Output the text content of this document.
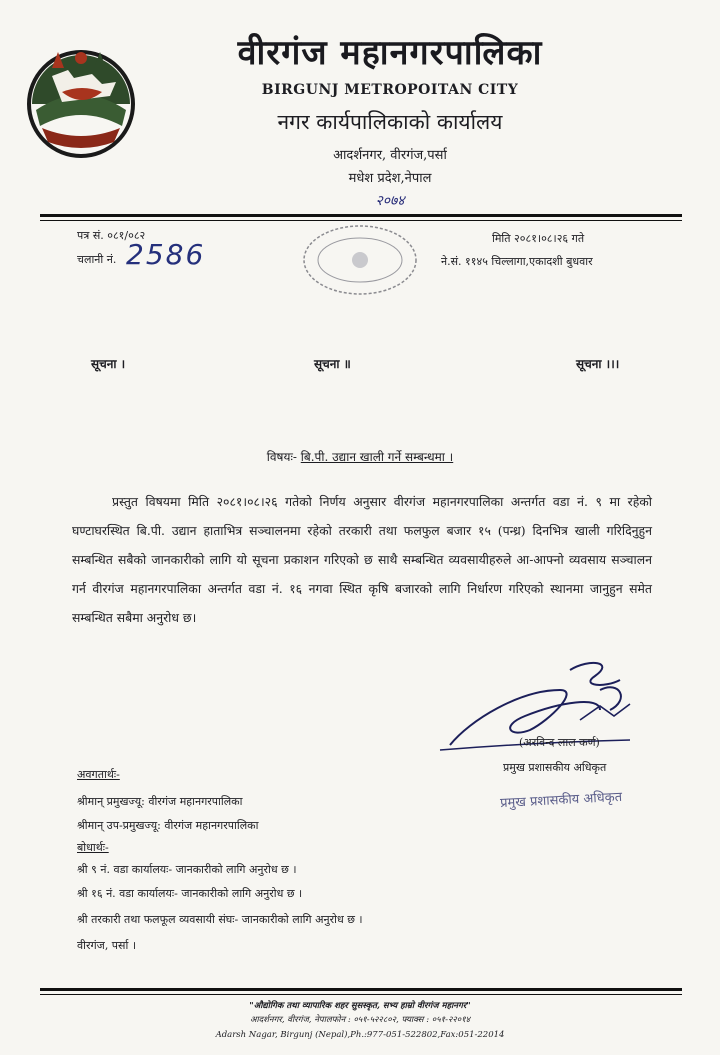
वीरगंज महानगरपालिका
BIRGUNJ METROPOITAN CITY
नगर कार्यपालिकाको कार्यालय
आदर्शनगर, वीरगंज,पर्सा
मधेश प्रदेश,नेपाल
२०७४
पत्र सं. ०८१/०८२
चलानी नं. 2586	मिति २०८१।०८।२६ गते
ने.सं. ११४५ चिल्लागा,एकादशी बुधवार
सूचना ।	सूचना ॥	सूचना ।।।
विषयः- बि.पी. उद्यान खाली गर्ने सम्बन्धमा ।
प्रस्तुत विषयमा मिति २०८१।०८।२६ गतेको निर्णय अनुसार वीरगंज महानगरपालिका अन्तर्गत वडा नं. ९ मा रहेको घण्टाघरस्थित बि.पी. उद्यान हाताभित्र सञ्चालनमा रहेको तरकारी तथा फलफुल बजार १५ (पन्ध्र) दिनभित्र खाली गरिदिनुहुन सम्बन्धित सबैको जानकारीको लागि यो सूचना प्रकाशन गरिएको छ साथै सम्बन्धित व्यवसायीहरुले आ-आफ्नो व्यवसाय सञ्चालन गर्न वीरगंज महानगरपालिका अन्तर्गत वडा नं. १६ नगवा स्थित कृषि बजारको लागि निर्धारण गरिएको स्थानमा जानुहुन समेत सम्बन्धित सबैमा अनुरोध छ।
(अरविन्द लाल कर्ण)
प्रमुख प्रशासकीय अधिकृत
प्रमुख प्रशासकीय अधिकृत
अवगतार्थः-
श्रीमान् प्रमुखज्यू: वीरगंज महानगरपालिका
श्रीमान् उप-प्रमुखज्यू: वीरगंज महानगरपालिका
बोधार्थः-
श्री ९ नं. वडा कार्यालयः- जानकारीको लागि अनुरोध छ ।
श्री १६ नं. वडा कार्यालयः- जानकारीको लागि अनुरोध छ ।
श्री तरकारी तथा फलफूल व्यवसायी संघः- जानकारीको लागि अनुरोध छ ।
वीरगंज, पर्सा ।
"औद्योगिक तथा व्यापारिक शहर सुसस्कृत, सभ्य हाम्रो वीरगंज महानगर"
आदर्शनगर, वीरगंज, नेपालफोन : ०५१-५२२८०२, फ्याक्स : ०५१-२२०१४
Adarsh Nagar, Birgunj (Nepal),Ph.:977-051-522802,Fax:051-22014
